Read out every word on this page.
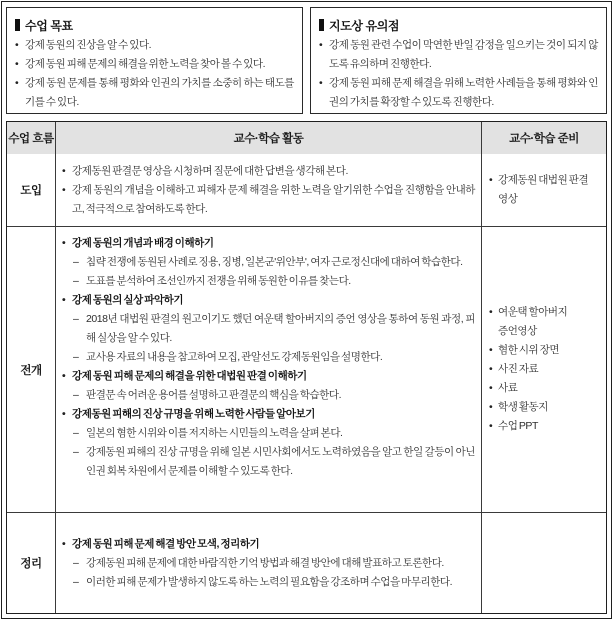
수업 목표
• 강제 동원의 진상을 알 수 있다.
• 강제 동원 피해 문제의 해결을 위한 노력을 찾아 볼 수 있다.
• 강제 동원 문제를 통해 평화와 인권의 가치를 소중히 하는 태도를 기를 수 있다.
지도상 유의점
• 강제 동원 관련 수업이 막연한 반일 감정을 일으키는 것이 되지 않도록 유의하며 진행한다.
• 강제 동원 피해 문제 해결을 위해 노력한 사례들을 통해 평화와 인권의 가치를 확장할 수 있도록 진행한다.
수업 흐름	교수·학습 활동	교수·학습 준비
도입
• 강제동원 판결문 영상을 시청하며 질문에 대한 답변을 생각해 본다.
• 강제 동원의 개념을 이해하고 피해자 문제 해결을 위한 노력을 알기위한 수업을 진행함을 안내하고, 적극적으로 참여하도록 한다.
• 강제동원 대법원 판결 영상
전개
• 강제 동원의 개념과 배경 이해하기
– 침략 전쟁에 동원된 사례로 징용, 징병, 일본군'위안부', 여자 근로정신대에 대하여 학습한다.
– 도표를 분석하여 조선인까지 전쟁을 위해 동원한 이유를 찾는다.
• 강제 동원의 실상 파악하기
– 2018년 대법원 판결의 원고이기도 했던 여운택 할아버지의 증언 영상을 통하여 동원 과정, 피해 실상을 알 수 있다.
– 교사용 자료의 내용을 참고하여 모집, 관알선도 강제동원임을 설명한다.
• 강제 동원 피해 문제의 해결을 위한 대법원 판결 이해하기
– 판결문 속 어려운 용어를 설명하고 판결문의 핵심을 학습한다.
• 강제동원 피해의 진상 규명을 위해 노력한 사람들 알아보기
– 일본의 혐한 시위와 이를 저지하는 시민들의 노력을 살펴 본다.
– 강제동원 피해의 진상 규명을 위해 일본 시민사회에서도 노력하였음을 알고 한일 갈등이 아닌 인권 회복 차원에서 문제를 이해할 수 있도록 한다.
• 여운택 할아버지 증언영상
• 혐한 시위 장면
• 사진 자료
• 사료
• 학생 활동지
• 수업 PPT
정리
• 강제 동원 피해 문제 해결 방안 모색, 정리하기
– 강제동원 피해 문제에 대한 바람직한 기억 방법과 해결 방안에 대해 발표하고 토론한다.
– 이러한 피해 문제가 발생하지 않도록 하는 노력의 필요함을 강조하며 수업을 마무리한다.
